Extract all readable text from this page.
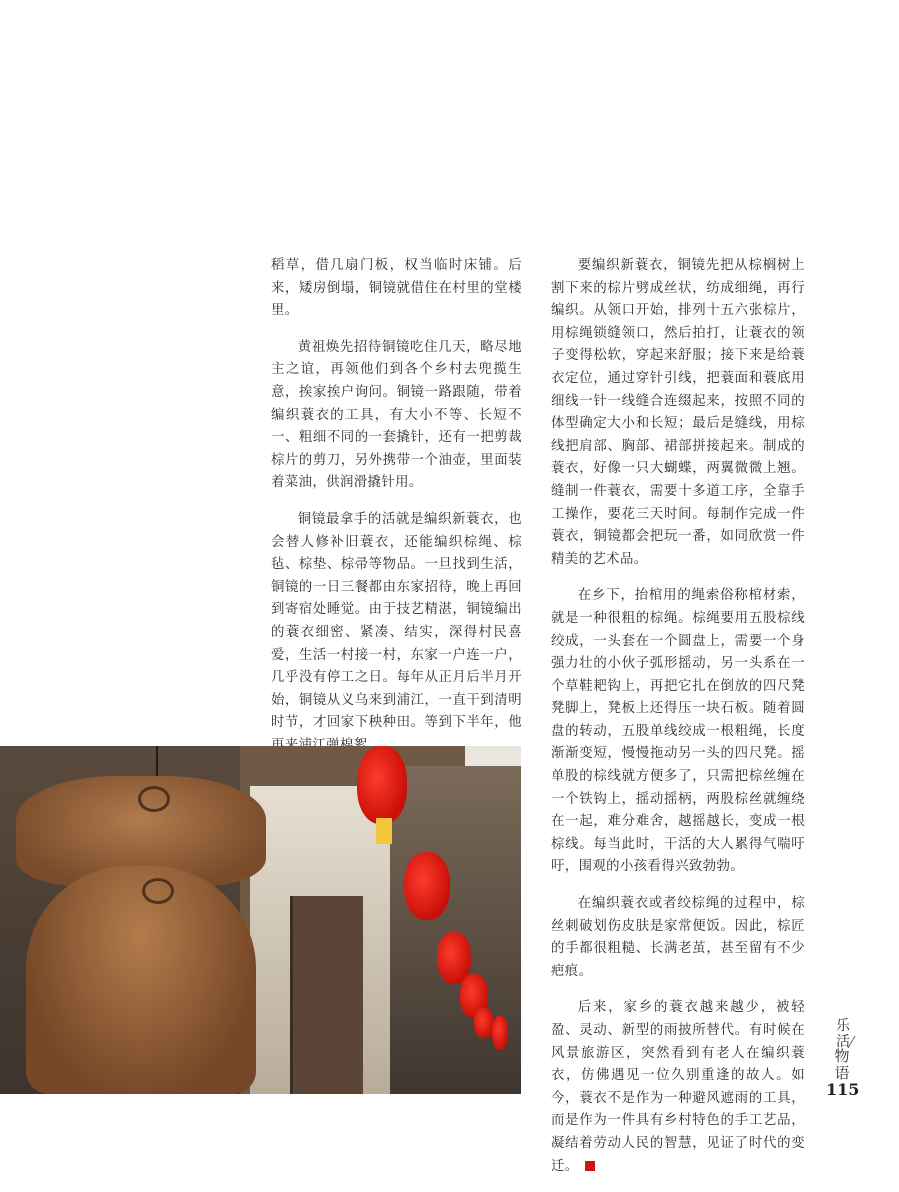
稻草，借几扇门板，权当临时床铺。后来，矮房倒塌，铜镜就借住在村里的堂楼里。

黄祖焕先招待铜镜吃住几天，略尽地主之谊，再领他们到各个乡村去兜揽生意，挨家挨户询问。铜镜一路跟随，带着编织蓑衣的工具，有大小不等、长短不一、粗细不同的一套撬针，还有一把剪裁棕片的剪刀，另外携带一个油壶，里面装着菜油，供润滑撬针用。

铜镜最拿手的活就是编织新蓑衣，也会替人修补旧蓑衣，还能编织棕绳、棕毡、棕垫、棕帚等物品。一旦找到生活，铜镜的一日三餐都由东家招待，晚上再回到寄宿处睡觉。由于技艺精湛，铜镜编出的蓑衣细密、紧凑、结实，深得村民喜爱，生活一村接一村，东家一户连一户，几乎没有停工之日。每年从正月后半月开始，铜镜从义乌来到浦江，一直干到清明时节，才回家下秧种田。等到下半年，他

要编织新蓑衣，铜镜先把从棕榈树上割下来的棕片劈成丝状，纺成细绳，再行编织。从领口开始，排列十五六张棕片，用棕绳锁缝领口，然后拍打，让蓑衣的领子变得松软，穿起来舒服；接下来是给蓑衣定位，通过穿针引线，把蓑面和蓑底用细线一针一线缝合连缀起来，按照不同的体型确定大小和长短；最后是缝线，用棕线把肩部、胸部、裙部拼接起来。制成的蓑衣，好像一只大蝴蝶，两翼微微上翘。缝制一件蓑衣，需要十多道工序，全靠手工操作，要花三天时间。每制作完成一件蓑衣，铜镜都会把玩一番，如同欣赏一件精美的艺术品。

在乡下，抬棺用的绳索俗称棺材索，就是一种很粗的棕绳。棕绳要用五股棕线绞成，一头套在一个圆盘上，需要一个身强力壮的小伙子弧形摇动，另一头系在一个草鞋耙钩上，再把它扎在倒放的四尺凳凳脚上，凳板上还得压一块石板。随着圆盘的转动，五股单线绞成一根粗绳，长度渐渐变短，慢慢拖动另一头的四尺凳。摇单股的棕线就方便多了，只需把棕丝缠在一个铁钩上，摇动摇柄，两股棕丝就缠绕在一起，难分难舍，越摇越长，变成一根棕线。每当此时，干活的大人累得气喘吁吁，围观的小孩看得兴致勃勃。

在编织蓑衣或者绞棕绳的过程中，棕丝刺破划伤皮肤是家常便饭。因此，棕匠的手都很粗糙、长满老茧，甚至留有不少疤痕。

后来，家乡的蓑衣越来越少，被轻盈、灵动、新型的雨披所替代。有时候在风景旅游区，突然看到有老人在编织蓑衣，仿佛遇见一位久别重逢的故人。如今，蓑衣不是作为一种避风遮雨的工具，而是作为一件具有乡村特色的手工艺品，凝结着劳动人民的智慧，见证了时代的变迁。

乐活
物语
115
